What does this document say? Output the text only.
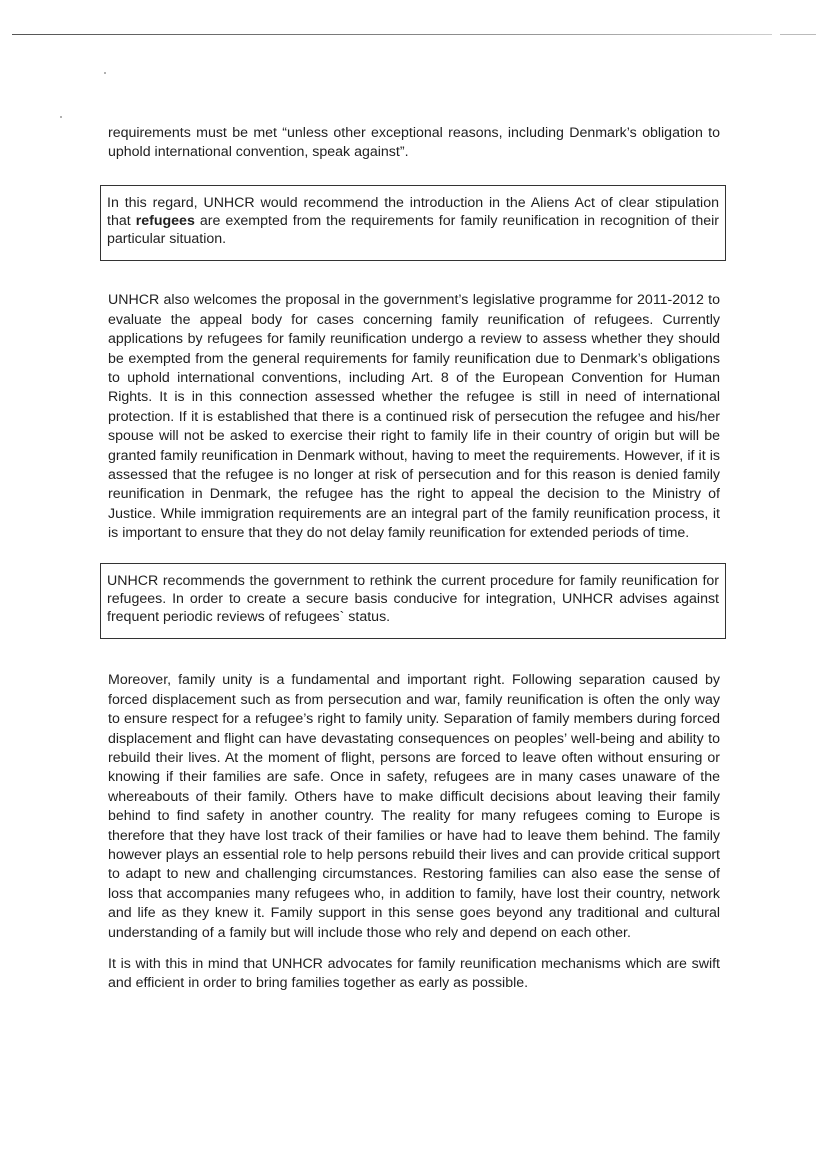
requirements must be met “unless other exceptional reasons, including Denmark’s obligation to uphold international convention, speak against”.

In this regard, UNHCR would recommend the introduction in the Aliens Act of clear stipulation that refugees are exempted from the requirements for family reunification in recognition of their particular situation.

UNHCR also welcomes the proposal in the government’s legislative programme for 2011-2012 to evaluate the appeal body for cases concerning family reunification of refugees. Currently applications by refugees for family reunification undergo a review to assess whether they should be exempted from the general requirements for family reunification due to Denmark’s obligations to uphold international conventions, including Art. 8 of the European Convention for Human Rights. It is in this connection assessed whether the refugee is still in need of international protection. If it is established that there is a continued risk of persecution the refugee and his/her spouse will not be asked to exercise their right to family life in their country of origin but will be granted family reunification in Denmark without, having to meet the requirements. However, if it is assessed that the refugee is no longer at risk of persecution and for this reason is denied family reunification in Denmark, the refugee has the right to appeal the decision to the Ministry of Justice. While immigration requirements are an integral part of the family reunification process, it is important to ensure that they do not delay family reunification for extended periods of time.

UNHCR recommends the government to rethink the current procedure for family reunification for refugees. In order to create a secure basis conducive for integration, UNHCR advises against frequent periodic reviews of refugees` status.

Moreover, family unity is a fundamental and important right. Following separation caused by forced displacement such as from persecution and war, family reunification is often the only way to ensure respect for a refugee’s right to family unity. Separation of family members during forced displacement and flight can have devastating consequences on peoples’ well-being and ability to rebuild their lives. At the moment of flight, persons are forced to leave often without ensuring or knowing if their families are safe. Once in safety, refugees are in many cases unaware of the whereabouts of their family. Others have to make difficult decisions about leaving their family behind to find safety in another country. The reality for many refugees coming to Europe is therefore that they have lost track of their families or have had to leave them behind. The family however plays an essential role to help persons rebuild their lives and can provide critical support to adapt to new and challenging circumstances. Restoring families can also ease the sense of loss that accompanies many refugees who, in addition to family, have lost their country, network and life as they knew it. Family support in this sense goes beyond any traditional and cultural understanding of a family but will include those who rely and depend on each other.

It is with this in mind that UNHCR advocates for family reunification mechanisms which are swift and efficient in order to bring families together as early as possible.
